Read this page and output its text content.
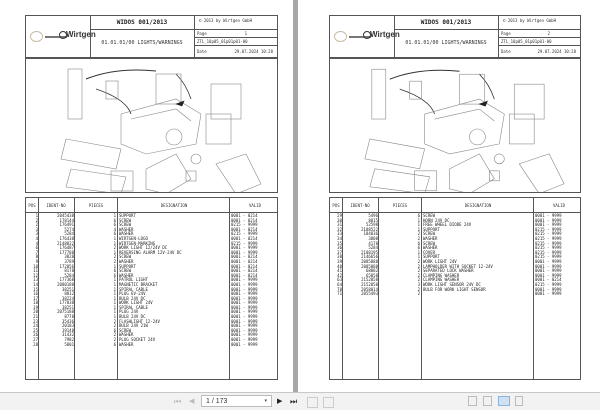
Wirtgen
WIDOS 001/2013
01.01.01/00 LIGHTS/WARNINGS
© 2013 by Wirtgen GmbH
Page	1
ZTL_10p05_01p01p01-00
Date	29.07.2024 10:28
POS	IDENT-NO	PIECES	DESIGNATION	VALID
1	2045438	1 SUPPORT	0001 - 0214
2	178144	6 SCREW	0001 - 0214
2	176491	6 SCREW	0215 - 9999
3	5274	4 WASHER	0001 - 0214
3	5284	6 WASHER	0215 - 9999
4	176438	1 WIRTGEN-LOGO	0001 - 0214
4	2148822	1 WIRTGEN-MARKING	0215 - 9999
6	176487	2 WORK LIGHT 12/24V DC	0001 - 9999
7	177788	1 REVERSING ALARM 12V-24V DC	0001 - 9999
8	3828	2 SCREW	0001 - 0214
9	3789	2 WASHER	0001 - 0214
10	172856	1 SUPPORT	0001 - 0214
11	8178	6 SCREW	0001 - 0214
12	5284	6 WASHER	0001 - 0214
13	177368	1 PATROL LIGHT	0001 - 9999
14	2080188	1 MAGNETIC BRACKET	0001 - 9999
15	38251	1 SPIRAL CABLE	0001 - 9999
16	8812	1 PLUG 6V-24V	0001 - 9999
17	38224	1 BULB 24V DC	0001 - 9999
18	177838	1 WORK LIGHT 24V	0001 - 9999
19	38251	1 SPIRAL CABLE	0001 - 9999
20	2075188	1 PLUG 24V	0001 - 9999
21	8778	1 BULB 24V DC	0001 - 9999
23	35436	2 FLASHLIGHT 12-24V	0001 - 9999
24	20183	2 BULB 24V 21W	0001 - 9999
25	19148	6 SCREW	0001 - 9999
26	31432	2 WASHER	0001 - 9999
27	7982	2 PLUG SOCKET 24V	0001 - 9999
28	5801	6 WASHER	0001 - 9999
Wirtgen
WIDOS 001/2013
01.01.01/00 LIGHTS/WARNINGS
© 2013 by Wirtgen GmbH
Page	2
ZTL_10p05_01p01p01-00
Date	29.07.2024 10:28
POS	IDENT-NO	PIECES	DESIGNATION	VALID
29	5496	6 SCREW	0001 - 9999
30	8815	1 HORN 24V DC	0001 - 9999
31	52598	1 FREE WHEEL DIODE 24V	0001 - 9999
32	2188522	1 SUPPORT	0215 - 9999
33	184836	2 SCREW	0215 - 9999
34	3808	2 WASHER	0215 - 9999
35	4178	6 SCREW	0215 - 9999
36	5284	6 WASHER	0215 - 9999
37	2188195	1 COVER	0215 - 9999
38	2146656	1 SUPPORT	0215 - 9999
39	2085888	2 WORK LIGHT 24V	0001 - 9999
40	2085888	2 LAMPHOLDER WITH SOCKET 12-24V	0001 - 9999
41	68882	2 SEPARATED LOCK WASHER	0001 - 9999
42	65058	2 CLAMPING WASHER	0001 - 9999
63	2152058	2 CLAMPING WASHER	0001 - 0214
64	2152058	3 WORK LIGHT SENSOR 24V DC	0215 - 9999
70	2058014	2 BULB FOR WORK LIGHT SENSOR	0001 - 9999
71	2055493	2	0001 - 9999
⏮ ◀	1 / 173	▾ ▶ ⏭
